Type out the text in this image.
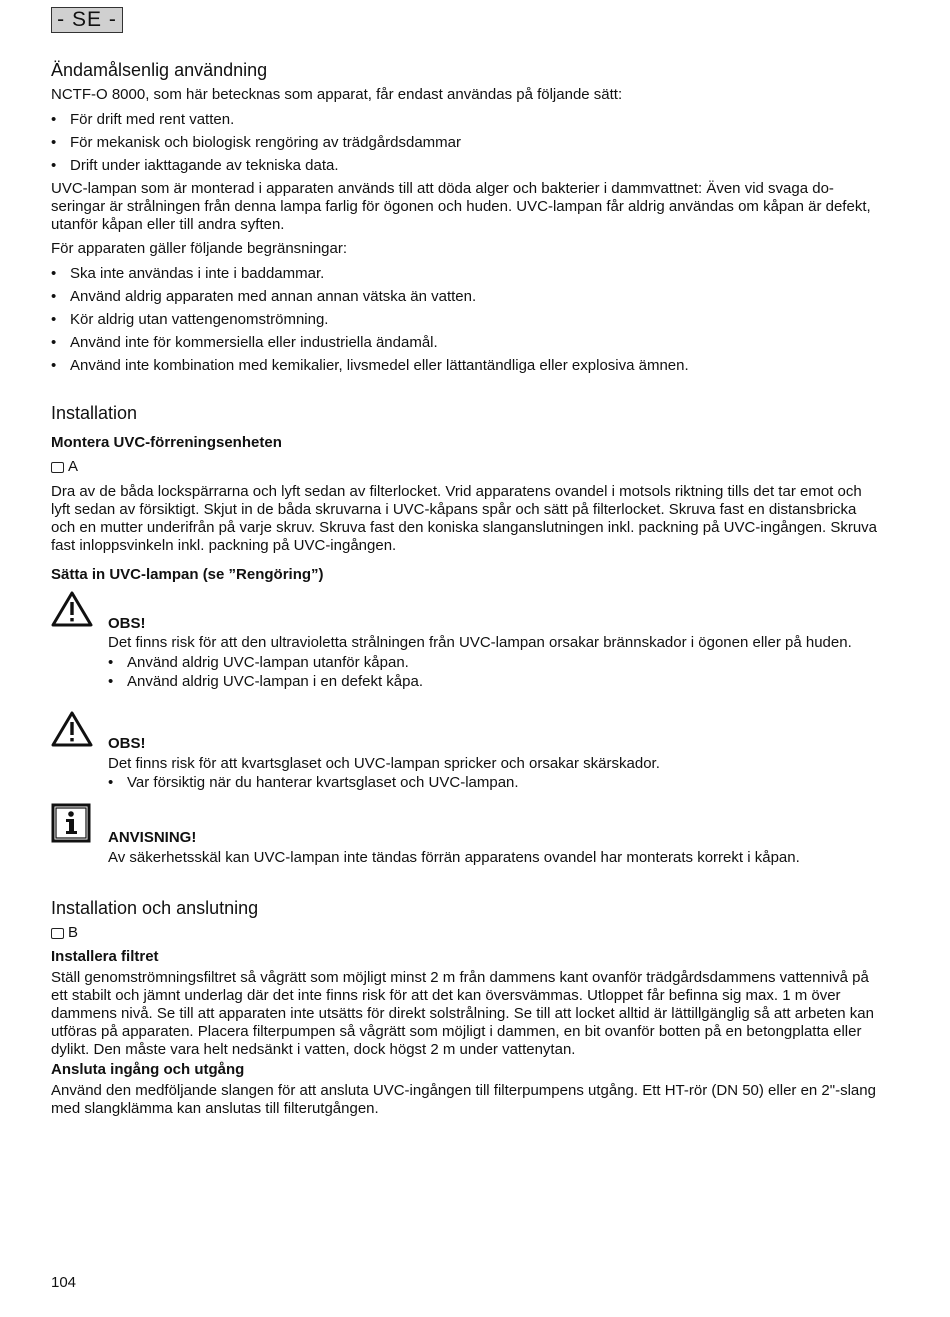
- SE -
Ändamålsenlig användning

NCTF-O 8000, som här betecknas som apparat, får endast användas på följande sätt:

• För drift med rent vatten.
• För mekanisk och biologisk rengöring av trädgårdsdammar
• Drift under iakttagande av tekniska data.

UVC-lampan som är monterad i apparaten används till att döda alger och bakterier i dammvattnet: Även vid svaga doseringar är strålningen från denna lampa farlig för ögonen och huden. UVC-lampan får aldrig användas om kåpan är defekt, utanför kåpan eller till andra syften.

För apparaten gäller följande begränsningar:

• Ska inte användas i inte i baddammar.
• Använd aldrig apparaten med annan annan vätska än vatten.
• Kör aldrig utan vattengenomströmning.
• Använd inte för kommersiella eller industriella ändamål.
• Använd inte kombination med kemikalier, livsmedel eller lättantändliga eller explosiva ämnen.
Installation
Montera UVC-förreningsenheten
A

Dra av de båda lockspärrarna och lyft sedan av filterlocket. Vrid apparatens ovandel i motsols riktning tills det tar emot och lyft sedan av försiktigt. Skjut in de båda skruvarna i UVC-kåpans spår och sätt på filterlocket. Skruva fast en distansbricka och en mutter underifrån på varje skruv. Skruva fast den koniska slanganslutningen inkl. packning på UVC-ingången. Skruva fast inloppsvinkeln inkl. packning på UVC-ingången.

Sätta in UVC-lampan (se ”Rengöring”)
OBS!

Det finns risk för att den ultravioletta strålningen från UVC-lampan orsakar brännskador i ögonen eller på huden.

• Använd aldrig UVC-lampan utanför kåpan.
• Använd aldrig UVC-lampan i en defekt kåpa.
OBS!

Det finns risk för att kvartsglaset och UVC-lampan spricker och orsakar skärskador.

• Var försiktig när du hanterar kvartsglaset och UVC-lampan.
ANVISNING!

Av säkerhetsskäl kan UVC-lampan inte tändas förrän apparatens ovandel har monterats korrekt i kåpan.

Installation och anslutning
B
Installera filtret

Ställ genomströmningsfiltret så vågrätt som möjligt minst 2 m från dammens kant ovanför trädgårdsdammens vattennivå på ett stabilt och jämnt underlag där det inte finns risk för att det kan översvämmas. Utloppet får befinna sig max. 1 m över dammens nivå. Se till att apparaten inte utsätts för direkt solstrålning. Se till att locket alltid är lättillgänglig så att arbeten kan utföras på apparaten. Placera filterpumpen så vågrätt som möjligt i dammen, en bit ovanför botten på en betongplatta eller dylikt. Den måste vara helt nedsänkt i vatten, dock högst 2 m under vattenytan.

Ansluta ingång och utgång

Använd den medföljande slangen för att ansluta UVC-ingången till filterpumpens utgång. Ett HT-rör (DN 50) eller en 2"-slang med slangklämma kan anslutas till filterutgången.

104
